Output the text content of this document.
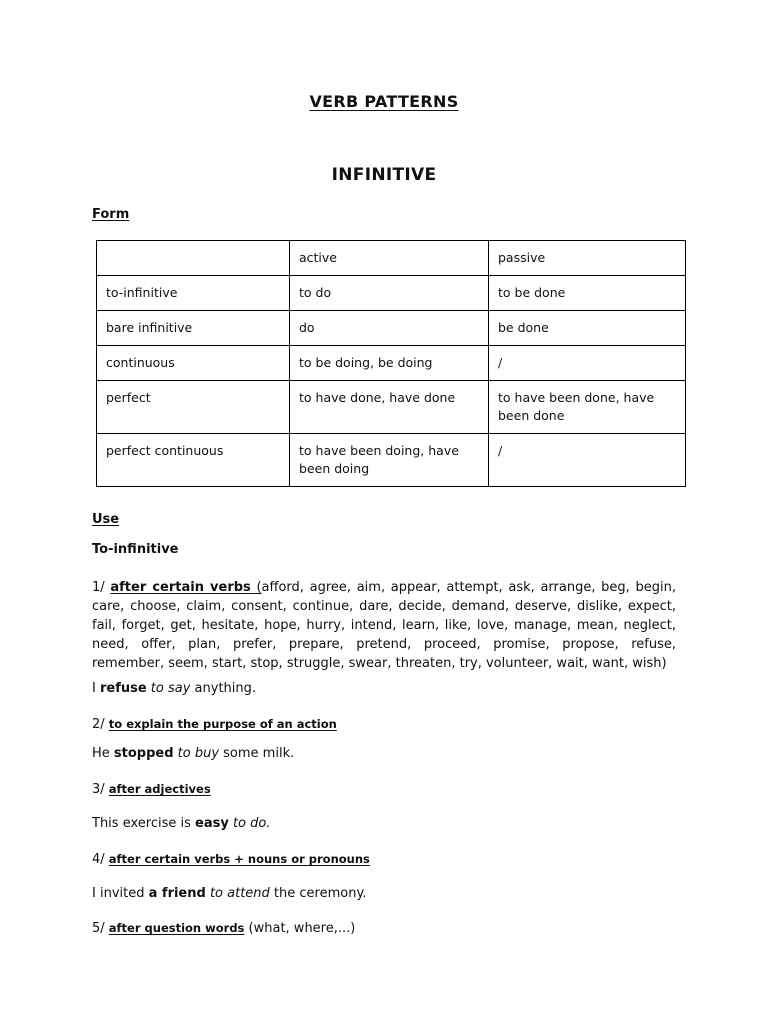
VERB PATTERNS
INFINITIVE
Form
	active	passive
to-infinitive	to do	to be done
bare infinitive	do	be done
continuous	to be doing, be doing	/
perfect	to have done, have done	to have been done, have been done
perfect continuous	to have been doing, have been doing	/
Use
To-infinitive
1/ after certain verbs (afford, agree, aim, appear, attempt, ask, arrange, beg, begin, care, choose, claim, consent, continue, dare, decide, demand, deserve, dislike, expect, fail, forget, get, hesitate, hope, hurry, intend, learn, like, love, manage, mean, neglect, need, offer, plan, prefer, prepare, pretend, proceed, promise, propose, refuse, remember, seem, start, stop, struggle, swear, threaten, try, volunteer, wait, want, wish)
I refuse to say anything.
2/ to explain the purpose of an action
He stopped to buy some milk.
3/ after adjectives
This exercise is easy to do.
4/ after certain verbs + nouns or pronouns
I invited a friend to attend the ceremony.
5/ after question words (what, where,...)
